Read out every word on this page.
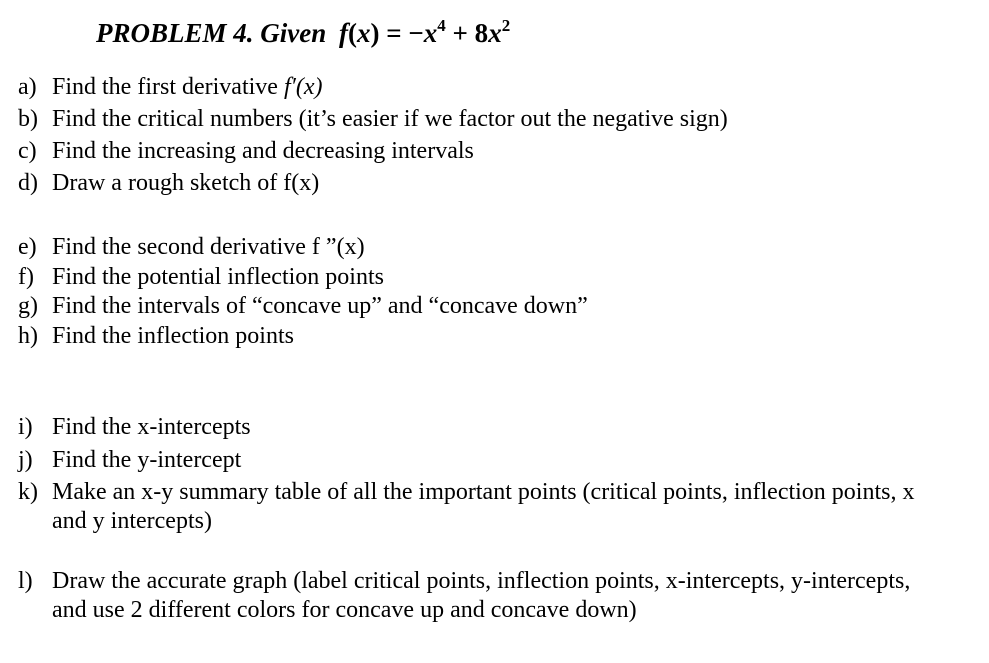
PROBLEM 4. Given $f(x) = -x^4 + 8x^2$
a) Find the first derivative f′(x)
b) Find the critical numbers (it’s easier if we factor out the negative sign)
c) Find the increasing and decreasing intervals
d) Draw a rough sketch of f(x)
e) Find the second derivative f ”(x)
f) Find the potential inflection points
g) Find the intervals of “concave up” and “concave down”
h) Find the inflection points
i) Find the x-intercepts
j) Find the y-intercept
k) Make an x-y summary table of all the important points (critical points, inflection points, x
and y intercepts)
l) Draw the accurate graph (label critical points, inflection points, x-intercepts, y-intercepts,
and use 2 different colors for concave up and concave down)
